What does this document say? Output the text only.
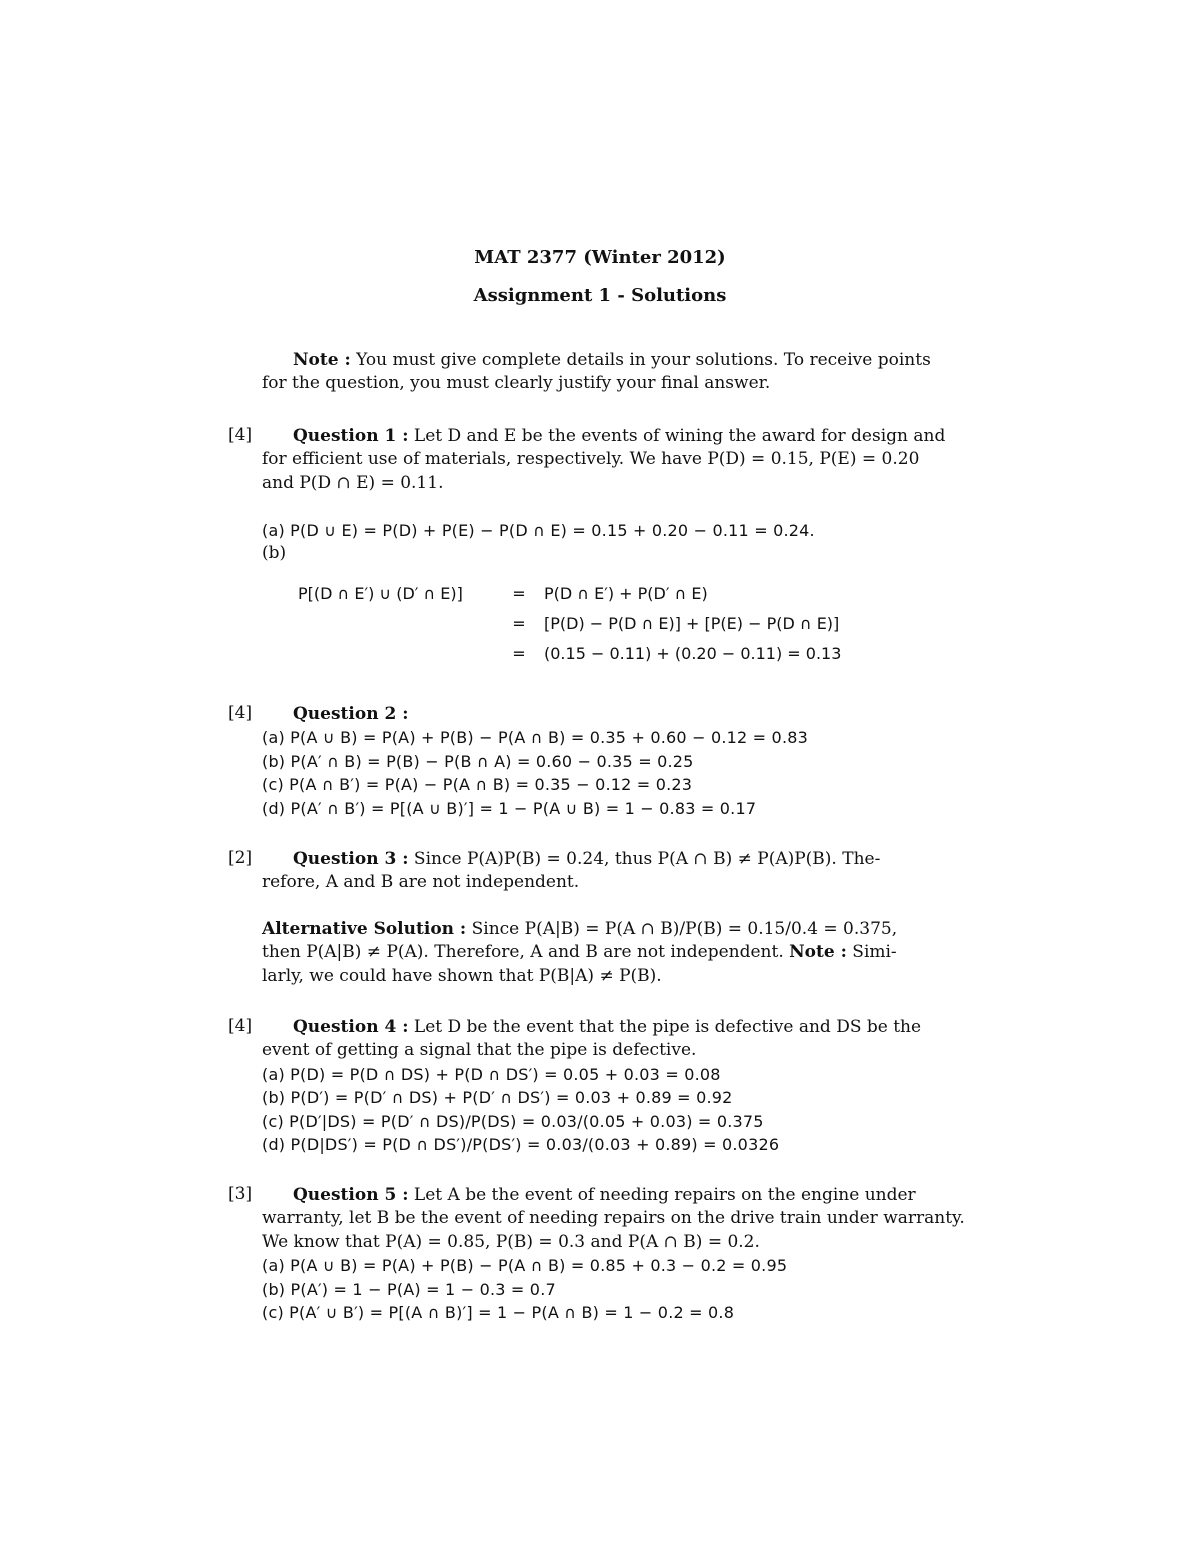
MAT 2377 (Winter 2012)
Assignment 1 - Solutions
Note : You must give complete details in your solutions. To receive points
for the question, you must clearly justify your final answer.
[4]	Question 1 : Let D and E be the events of wining the award for design and
for efficient use of materials, respectively. We have P(D) = 0.15, P(E) = 0.20
and P(D ∩ E) = 0.11.
(a) P(D ∪ E) = P(D) + P(E) − P(D ∩ E) = 0.15 + 0.20 − 0.11 = 0.24.
(b)
P[(D ∩ E′) ∪ (D′ ∩ E)]	=	P(D ∩ E′) + P(D′ ∩ E)
	=	[P(D) − P(D ∩ E)] + [P(E) − P(D ∩ E)]
	=	(0.15 − 0.11) + (0.20 − 0.11) = 0.13
[4]	Question 2 :
(a) P(A ∪ B) = P(A) + P(B) − P(A ∩ B) = 0.35 + 0.60 − 0.12 = 0.83
(b) P(A′ ∩ B) = P(B) − P(B ∩ A) = 0.60 − 0.35 = 0.25
(c) P(A ∩ B′) = P(A) − P(A ∩ B) = 0.35 − 0.12 = 0.23
(d) P(A′ ∩ B′) = P[(A ∪ B)′] = 1 − P(A ∪ B) = 1 − 0.83 = 0.17
[2]	Question 3 : Since P(A)P(B) = 0.24, thus P(A ∩ B) ≠ P(A)P(B). The-
refore, A and B are not independent.
Alternative Solution : Since P(A|B) = P(A ∩ B)/P(B) = 0.15/0.4 = 0.375,
then P(A|B) ≠ P(A). Therefore, A and B are not independent. Note : Simi-
larly, we could have shown that P(B|A) ≠ P(B).
[4]	Question 4 : Let D be the event that the pipe is defective and DS be the
event of getting a signal that the pipe is defective.
(a) P(D) = P(D ∩ DS) + P(D ∩ DS′) = 0.05 + 0.03 = 0.08
(b) P(D′) = P(D′ ∩ DS) + P(D′ ∩ DS′) = 0.03 + 0.89 = 0.92
(c) P(D′|DS) = P(D′ ∩ DS)/P(DS) = 0.03/(0.05 + 0.03) = 0.375
(d) P(D|DS′) = P(D ∩ DS′)/P(DS′) = 0.03/(0.03 + 0.89) = 0.0326
[3]	Question 5 : Let A be the event of needing repairs on the engine under
warranty, let B be the event of needing repairs on the drive train under warranty.
We know that P(A) = 0.85, P(B) = 0.3 and P(A ∩ B) = 0.2.
(a) P(A ∪ B) = P(A) + P(B) − P(A ∩ B) = 0.85 + 0.3 − 0.2 = 0.95
(b) P(A′) = 1 − P(A) = 1 − 0.3 = 0.7
(c) P(A′ ∪ B′) = P[(A ∩ B)′] = 1 − P(A ∩ B) = 1 − 0.2 = 0.8
